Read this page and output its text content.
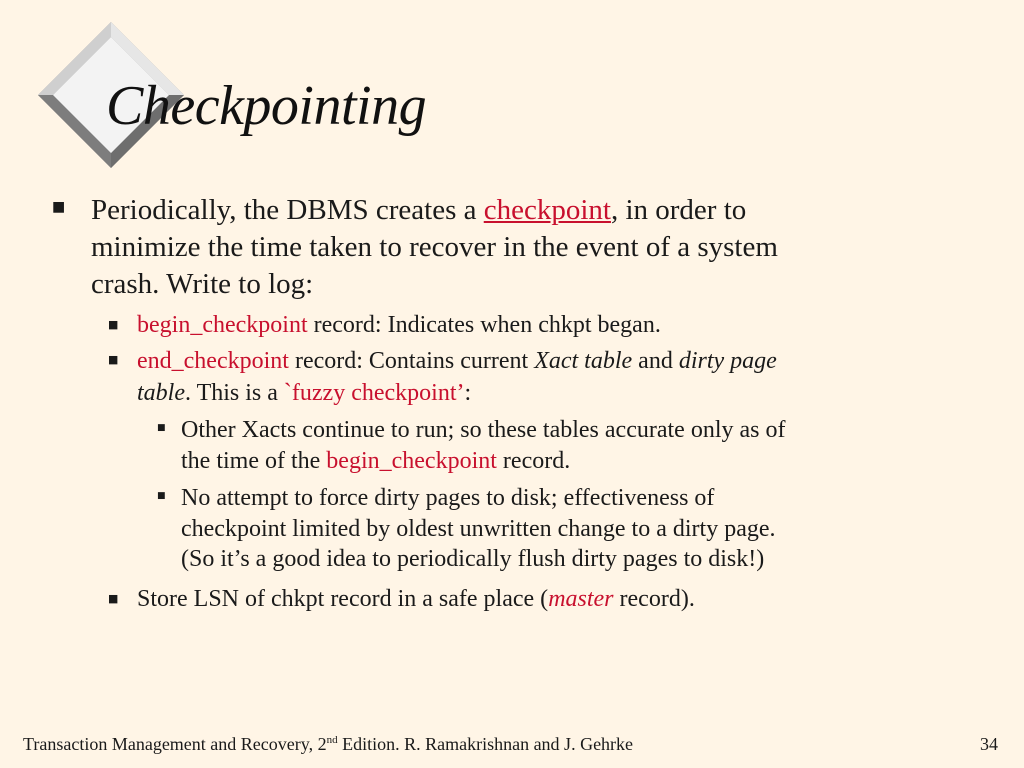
Checkpointing
■ Periodically, the DBMS creates a checkpoint, in order to
minimize the time taken to recover in the event of a system
crash. Write to log:
■ begin_checkpoint record: Indicates when chkpt began.
■ end_checkpoint record: Contains current Xact table and dirty page
table. This is a `fuzzy checkpoint’:
■ Other Xacts continue to run; so these tables accurate only as of
the time of the begin_checkpoint record.
■ No attempt to force dirty pages to disk; effectiveness of
checkpoint limited by oldest unwritten change to a dirty page.
(So it’s a good idea to periodically flush dirty pages to disk!)
■ Store LSN of chkpt record in a safe place (master record).
Transaction Management and Recovery, 2nd Edition. R. Ramakrishnan and J. Gehrke	34
